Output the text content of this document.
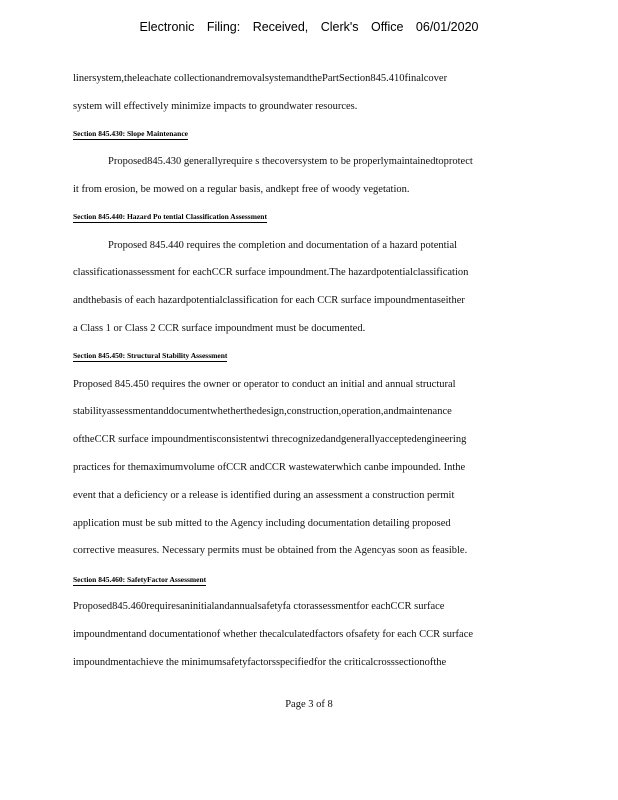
Electronic Filing: Received, Clerk's Office 06/01/2020
linersystem,theleachate collectionandremovalsystemandthePartSection845.410finalcover
system will effectively minimize impacts to groundwater resources.
Section 845.430: Slope Maintenance
Proposed845.430 generallyrequire s thecoversystem to be properlymaintainedtoprotect
it from erosion, be mowed on a regular basis, andkept free of woody vegetation.
Section 845.440: Hazard Po tential Classification Assessment
Proposed 845.440 requires the completion and documentation of a hazard potential
classificationassessment for eachCCR surface impoundment.The hazardpotentialclassification
andthebasis of each hazardpotentialclassification for each CCR surface impoundmentaseither
a Class 1 or Class 2 CCR surface impoundment must be documented.
Section 845.450: Structural Stability Assessment
Proposed 845.450 requires the owner or operator to conduct an initial and annual structural
stabilityassessmentanddocumentwhetherthedesign,construction,operation,andmaintenance
oftheCCR surface impoundmentisconsistentwi threcognizedandgenerallyacceptedengineering
practices for themaximumvolume ofCCR andCCR wastewaterwhich canbe impounded. Inthe
event that a deficiency or a release is identified during an assessment a construction permit
application must be sub mitted to the Agency including documentation detailing proposed
corrective measures. Necessary permits must be obtained from the Agencyas soon as feasible.
Section 845.460: SafetyFactor Assessment
Proposed845.460requiresaninitialandannualsafetyfa ctorassessmentfor eachCCR surface
impoundmentand documentationof whether thecalculatedfactors ofsafety for each CCR surface
impoundmentachieve the minimumsafetyfactorsspecifiedfor the criticalcrosssectionofthe
Page 3 of 8
